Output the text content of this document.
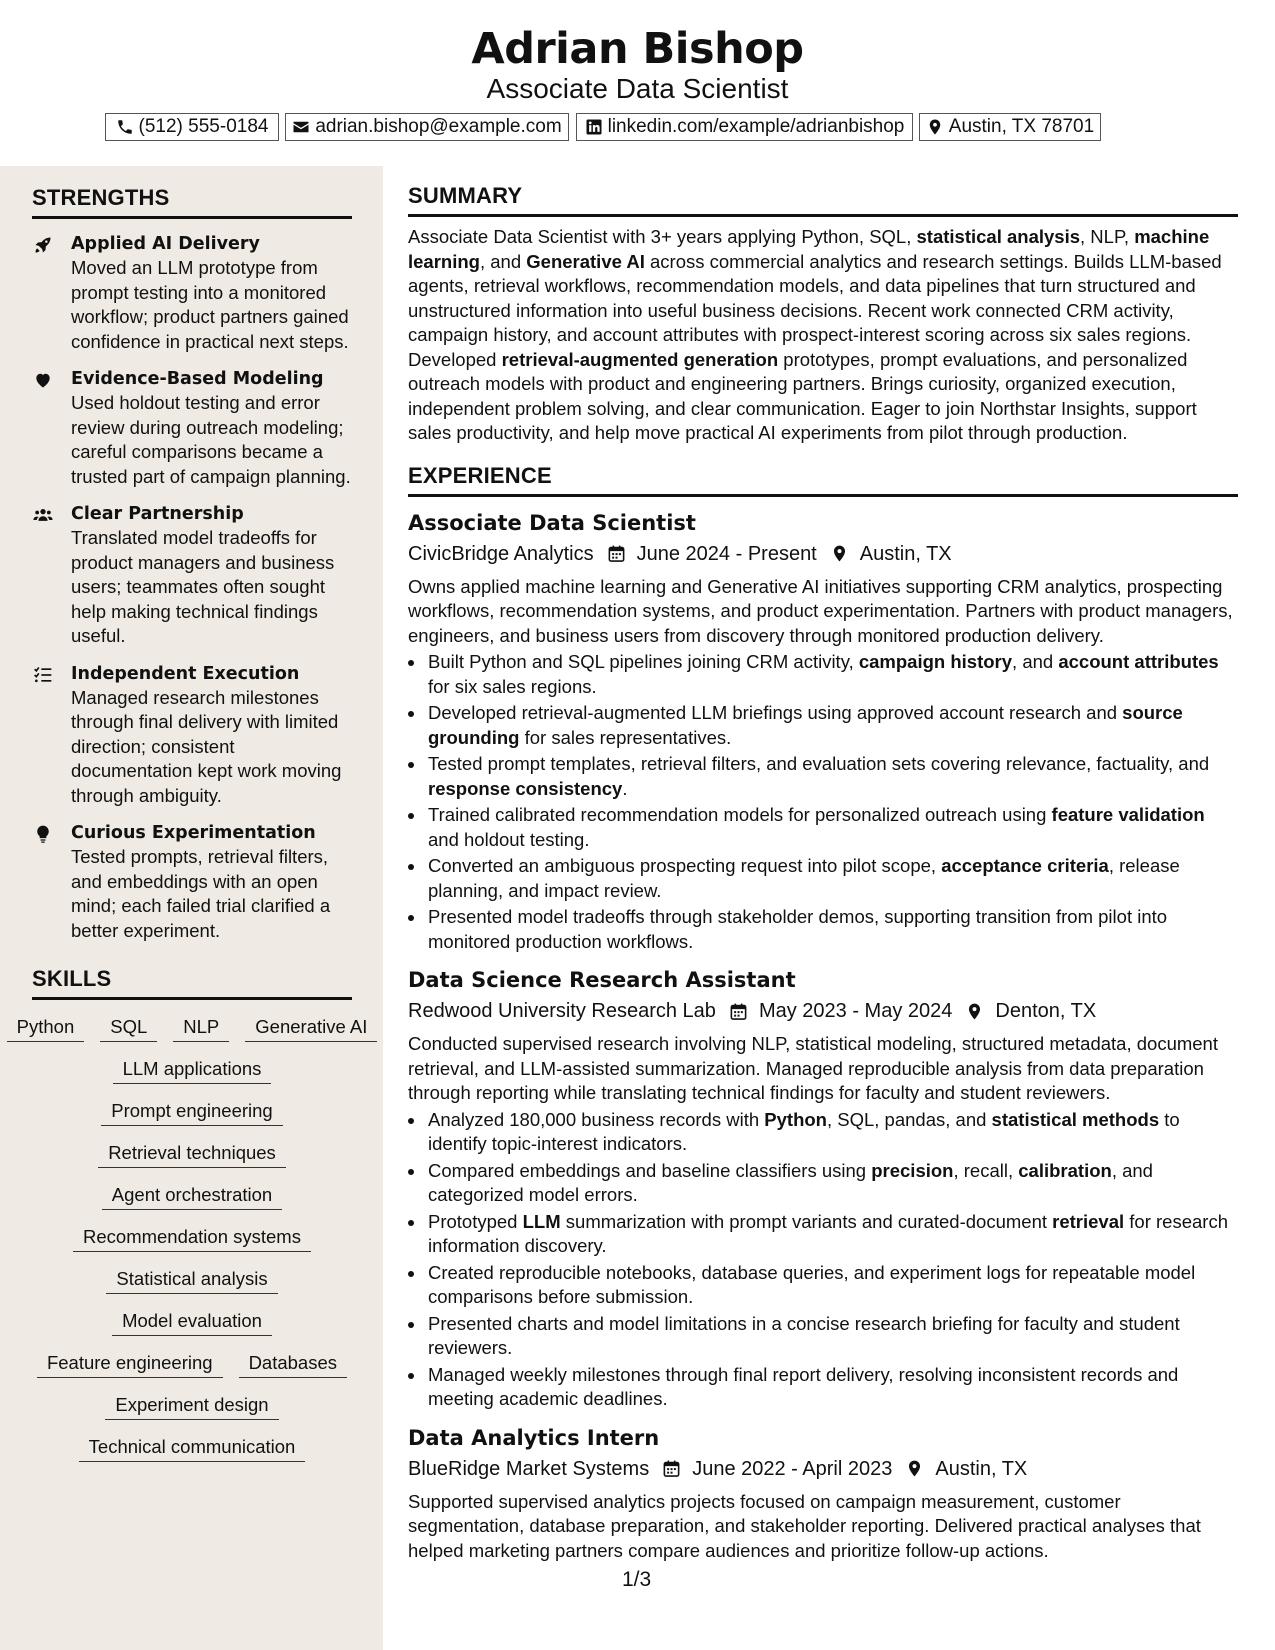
Adrian Bishop
Associate Data Scientist
(512) 555-0184 adrian.bishop@example.com linkedin.com/example/adrianbishop Austin, TX 78701
STRENGTHS
Applied AI Delivery
Moved an LLM prototype from prompt testing into a monitored workflow; product partners gained confidence in practical next steps.
Evidence-Based Modeling
Used holdout testing and error review during outreach modeling; careful comparisons became a trusted part of campaign planning.
Clear Partnership
Translated model tradeoffs for product managers and business users; teammates often sought help making technical findings useful.
Independent Execution
Managed research milestones through final delivery with limited direction; consistent documentation kept work moving through ambiguity.
Curious Experimentation
Tested prompts, retrieval filters, and embeddings with an open mind; each failed trial clarified a better experiment.
SKILLS
Python	SQL	NLP	Generative AI
LLM applications
Prompt engineering
Retrieval techniques
Agent orchestration
Recommendation systems
Statistical analysis
Model evaluation
Feature engineering	Databases
Experiment design
Technical communication
SUMMARY

Associate Data Scientist with 3+ years applying Python, SQL, statistical analysis, NLP, machine learning, and Generative AI across commercial analytics and research settings. Builds LLM-based agents, retrieval workflows, recommendation models, and data pipelines that turn structured and unstructured information into useful business decisions. Recent work connected CRM activity, campaign history, and account attributes with prospect-interest scoring across six sales regions. Developed retrieval-augmented generation prototypes, prompt evaluations, and personalized outreach models with product and engineering partners. Brings curiosity, organized execution, independent problem solving, and clear communication. Eager to join Northstar Insights, support sales productivity, and help move practical AI experiments from pilot through production.

EXPERIENCE
Associate Data Scientist
CivicBridge Analytics June 2024 - Present Austin, TX

Owns applied machine learning and Generative AI initiatives supporting CRM analytics, prospecting workflows, recommendation systems, and product experimentation. Partners with product managers, engineers, and business users from discovery through monitored production delivery.

• Built Python and SQL pipelines joining CRM activity, campaign history, and account attributes for six sales regions.
• Developed retrieval-augmented LLM briefings using approved account research and source grounding for sales representatives.
• Tested prompt templates, retrieval filters, and evaluation sets covering relevance, factuality, and response consistency.
• Trained calibrated recommendation models for personalized outreach using feature validation and holdout testing.
• Converted an ambiguous prospecting request into pilot scope, acceptance criteria, release planning, and impact review.
• Presented model tradeoffs through stakeholder demos, supporting transition from pilot into monitored production workflows.
Data Science Research Assistant
Redwood University Research Lab May 2023 - May 2024 Denton, TX

Conducted supervised research involving NLP, statistical modeling, structured metadata, document retrieval, and LLM-assisted summarization. Managed reproducible analysis from data preparation through reporting while translating technical findings for faculty and student reviewers.

• Analyzed 180,000 business records with Python, SQL, pandas, and statistical methods to identify topic-interest indicators.
• Compared embeddings and baseline classifiers using precision, recall, calibration, and categorized model errors.
• Prototyped LLM summarization with prompt variants and curated-document retrieval for research information discovery.
• Created reproducible notebooks, database queries, and experiment logs for repeatable model comparisons before submission.
• Presented charts and model limitations in a concise research briefing for faculty and student reviewers.
• Managed weekly milestones through final report delivery, resolving inconsistent records and meeting academic deadlines.
Data Analytics Intern
BlueRidge Market Systems June 2022 - April 2023 Austin, TX

Supported supervised analytics projects focused on campaign measurement, customer segmentation, database preparation, and stakeholder reporting. Delivered practical analyses that helped marketing partners compare audiences and prioritize follow-up actions.

1/3
